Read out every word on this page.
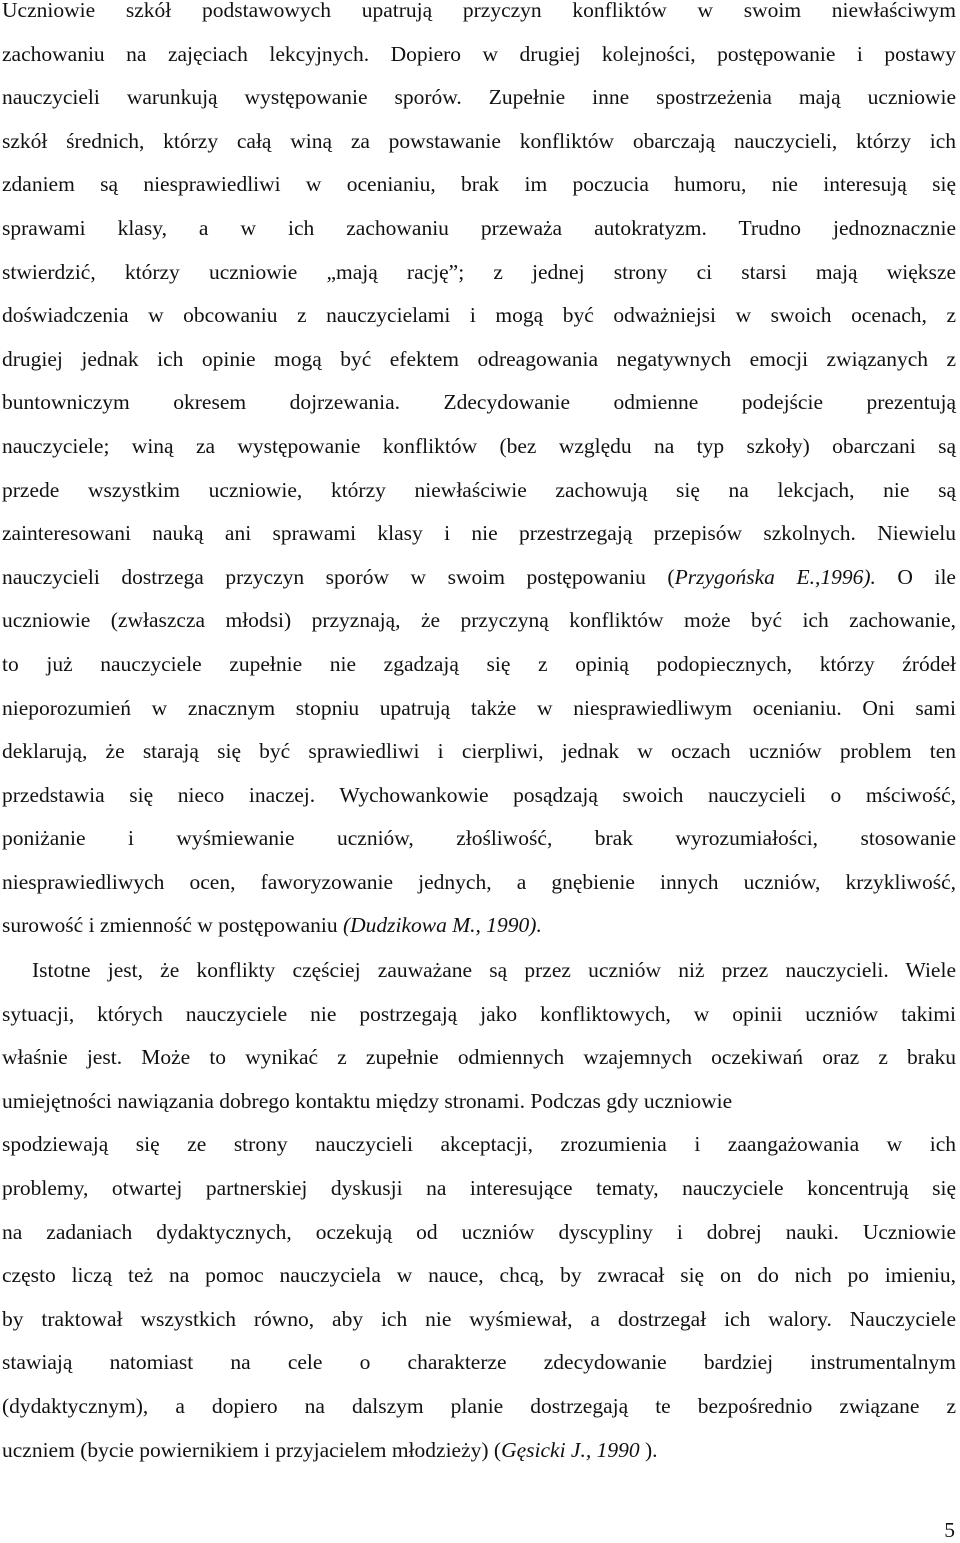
Uczniowie szkół podstawowych upatrują przyczyn konfliktów w swoim niewłaściwym
zachowaniu na zajęciach lekcyjnych. Dopiero w drugiej kolejności, postępowanie i postawy
nauczycieli warunkują występowanie sporów. Zupełnie inne spostrzeżenia mają uczniowie
szkół średnich, którzy całą winą za powstawanie konfliktów obarczają nauczycieli, którzy ich
zdaniem są niesprawiedliwi w ocenianiu, brak im poczucia humoru, nie interesują się
sprawami klasy, a w ich zachowaniu przeważa autokratyzm. Trudno jednoznacznie
stwierdzić, którzy uczniowie „mają rację”; z jednej strony ci starsi mają większe
doświadczenia w obcowaniu z nauczycielami i mogą być odważniejsi w swoich ocenach, z
drugiej jednak ich opinie mogą być efektem odreagowania negatywnych emocji związanych z
buntowniczym okresem dojrzewania. Zdecydowanie odmienne podejście prezentują
nauczyciele; winą za występowanie konfliktów (bez względu na typ szkoły) obarczani są
przede wszystkim uczniowie, którzy niewłaściwie zachowują się na lekcjach, nie są
zainteresowani nauką ani sprawami klasy i nie przestrzegają przepisów szkolnych. Niewielu
nauczycieli dostrzega przyczyn sporów w swoim postępowaniu (Przygońska E.,1996). O ile
uczniowie (zwłaszcza młodsi) przyznają, że przyczyną konfliktów może być ich zachowanie,
to już nauczyciele zupełnie nie zgadzają się z opinią podopiecznych, którzy źródeł
nieporozumień w znacznym stopniu upatrują także w niesprawiedliwym ocenianiu. Oni sami
deklarują, że starają się być sprawiedliwi i cierpliwi, jednak w oczach uczniów problem ten
przedstawia się nieco inaczej. Wychowankowie posądzają swoich nauczycieli o mściwość,
poniżanie i wyśmiewanie uczniów, złośliwość, brak wyrozumiałości, stosowanie
niesprawiedliwych ocen, faworyzowanie jednych, a gnębienie innych uczniów, krzykliwość,
surowość i zmienność w postępowaniu (Dudzikowa M., 1990).
Istotne jest, że konflikty częściej zauważane są przez uczniów niż przez nauczycieli. Wiele
sytuacji, których nauczyciele nie postrzegają jako konfliktowych, w opinii uczniów takimi
właśnie jest. Może to wynikać z zupełnie odmiennych wzajemnych oczekiwań oraz z braku
umiejętności nawiązania dobrego kontaktu między stronami. Podczas gdy uczniowie
spodziewają się ze strony nauczycieli akceptacji, zrozumienia i zaangażowania w ich
problemy, otwartej partnerskiej dyskusji na interesujące tematy, nauczyciele koncentrują się
na zadaniach dydaktycznych, oczekują od uczniów dyscypliny i dobrej nauki. Uczniowie
często liczą też na pomoc nauczyciela w nauce, chcą, by zwracał się on do nich po imieniu,
by traktował wszystkich równo, aby ich nie wyśmiewał, a dostrzegał ich walory. Nauczyciele
stawiają natomiast na cele o charakterze zdecydowanie bardziej instrumentalnym
(dydaktycznym), a dopiero na dalszym planie dostrzegają te bezpośrednio związane z
uczniem (bycie powiernikiem i przyjacielem młodzieży) (Gęsicki J., 1990 ).
5
